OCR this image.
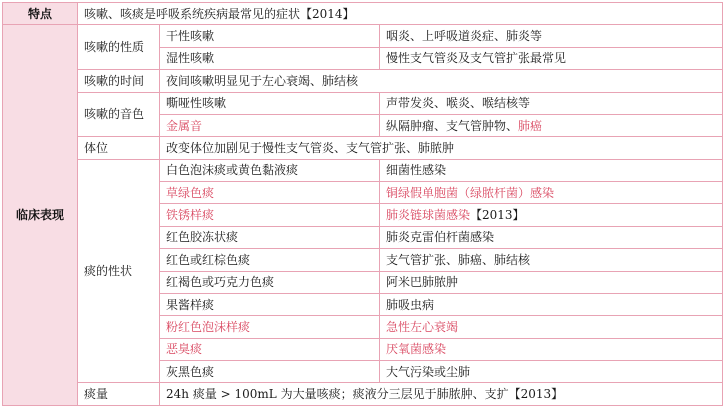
特点	咳嗽、咳痰是呼吸系统疾病最常见的症状【2014】		
临床表现	咳嗽的性质	干性咳嗽	咽炎、上呼吸道炎症、肺炎等
		湿性咳嗽	慢性支气管炎及支气管扩张最常见
	咳嗽的时间	夜间咳嗽明显见于左心衰竭、肺结核	
	咳嗽的音色	嘶哑性咳嗽	声带发炎、喉炎、喉结核等
		金属音	纵隔肿瘤、支气管肿物、肺癌
	体位	改变体位加剧见于慢性支气管炎、支气管扩张、肺脓肿	
	痰的性状	白色泡沫痰或黄色黏液痰	细菌性感染
		草绿色痰	铜绿假单胞菌（绿脓杆菌）感染
		铁锈样痰	肺炎链球菌感染【2013】
		红色胶冻状痰	肺炎克雷伯杆菌感染
		红色或红棕色痰	支气管扩张、肺癌、肺结核
		红褐色或巧克力色痰	阿米巴肺脓肿
		果酱样痰	肺吸虫病
		粉红色泡沫样痰	急性左心衰竭
		恶臭痰	厌氧菌感染
		灰黑色痰	大气污染或尘肺
	痰量	24h 痰量 > 100mL 为大量咳痰；痰液分三层见于肺脓肿、支扩【2013】	
